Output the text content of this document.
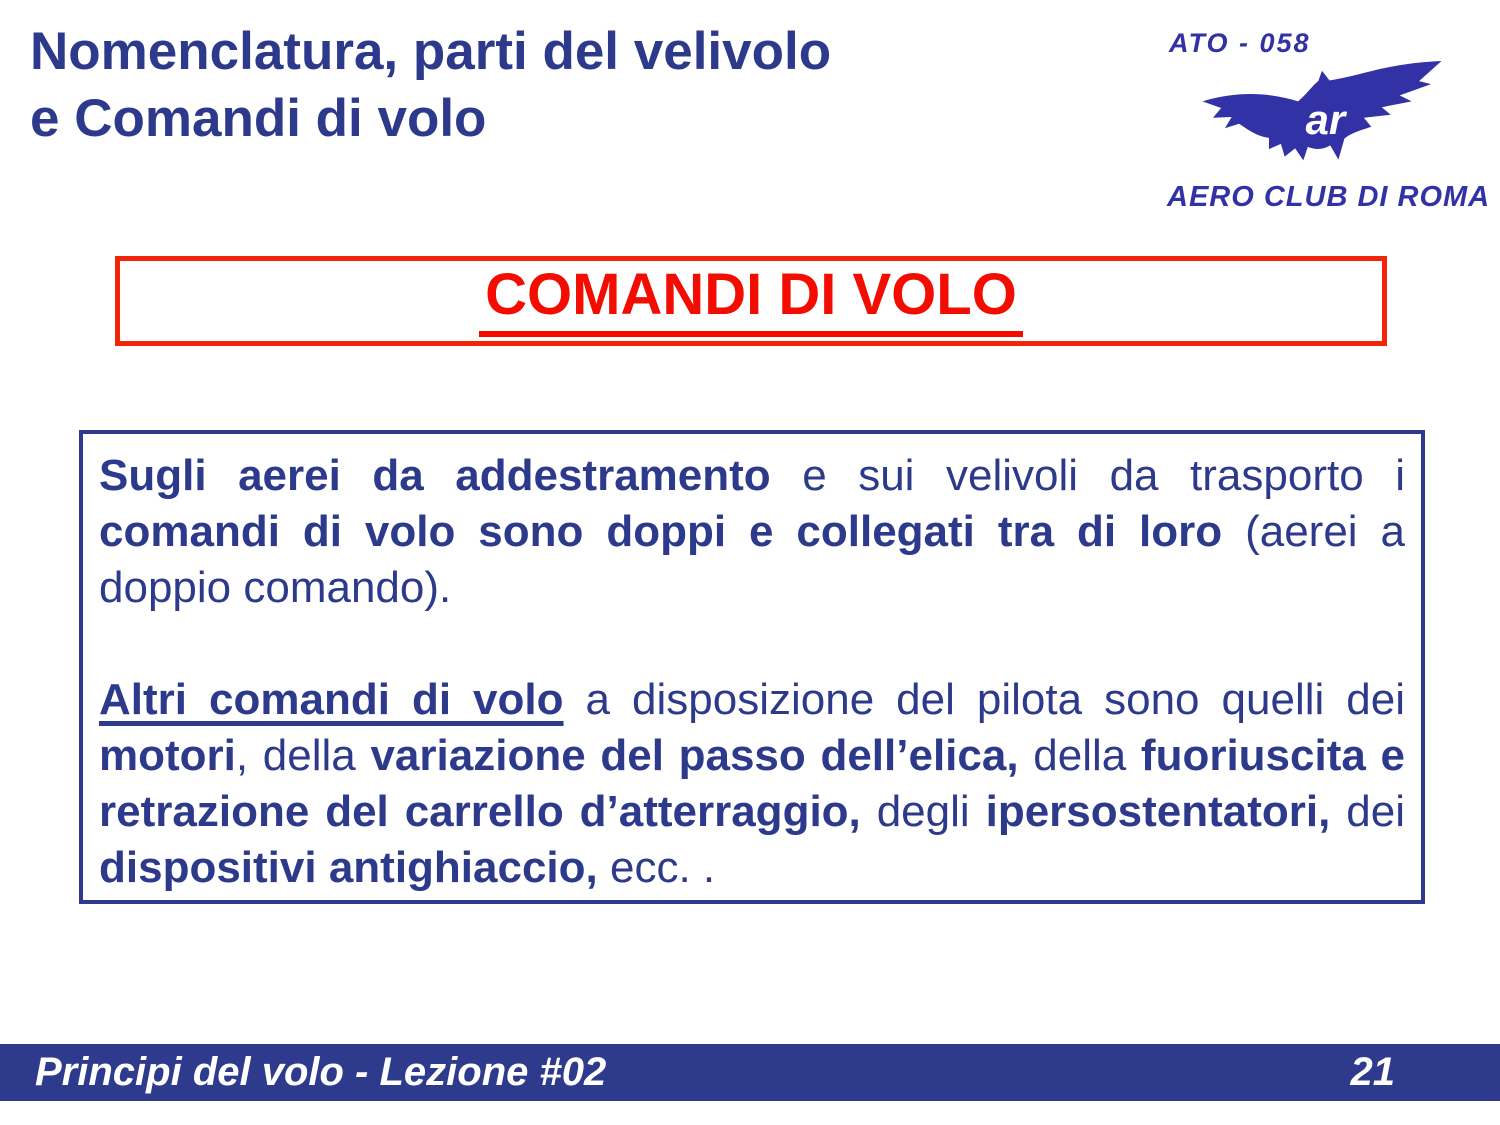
Nomenclatura, parti del velivolo
e Comandi di volo
ATO - 058
ar
AERO CLUB DI ROMA
COMANDI DI VOLO

Sugli aerei da addestramento e sui velivoli da trasporto i comandi di volo sono doppi e collegati tra di loro (aerei a doppio comando).

Altri comandi di volo a disposizione del pilota sono quelli dei motori, della variazione del passo dell’elica, della fuoriuscita e retrazione del carrello d’atterraggio, degli ipersostentatori, dei dispositivi antighiaccio, ecc. .

Principi del volo - Lezione #02	21
